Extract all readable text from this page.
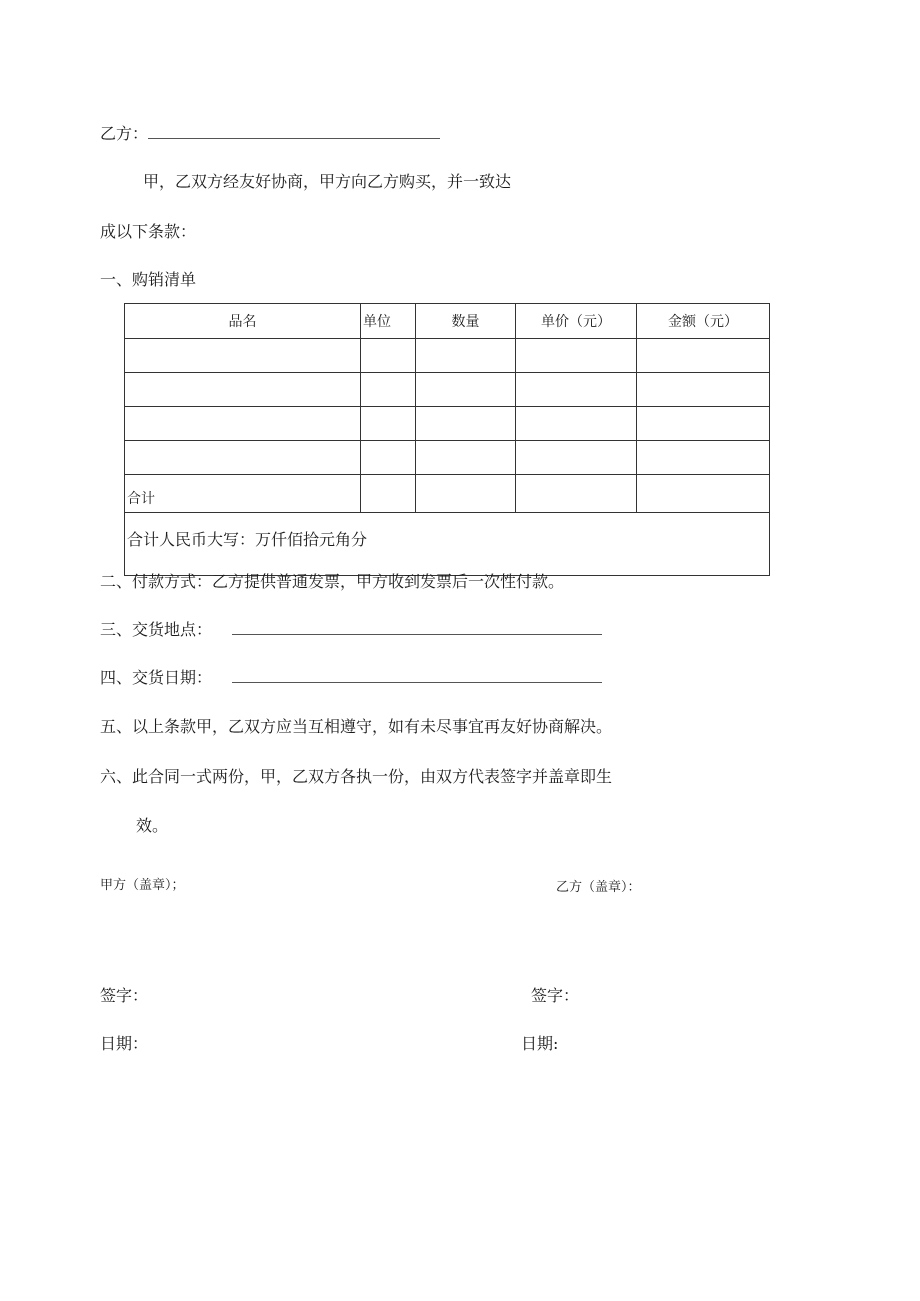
乙方：
甲，乙双方经友好协商，甲方向乙方购买，并一致达
成以下条款：
一、购销清单
品名	单位	数量	单价（元）	金额（元）

合计				
合计人民币大写：万仟佰拾元角分				
二、付款方式：乙方提供普通发票，甲方收到发票后一次性付款。
三、交货地点：
四、交货日期：
五、以上条款甲，乙双方应当互相遵守，如有未尽事宜再友好协商解决。
六、此合同一式两份，甲，乙双方各执一份，由双方代表签字并盖章即生
效。
甲方（盖章）；	乙方（盖章）：
签字：	签字：
日期：	日期:
